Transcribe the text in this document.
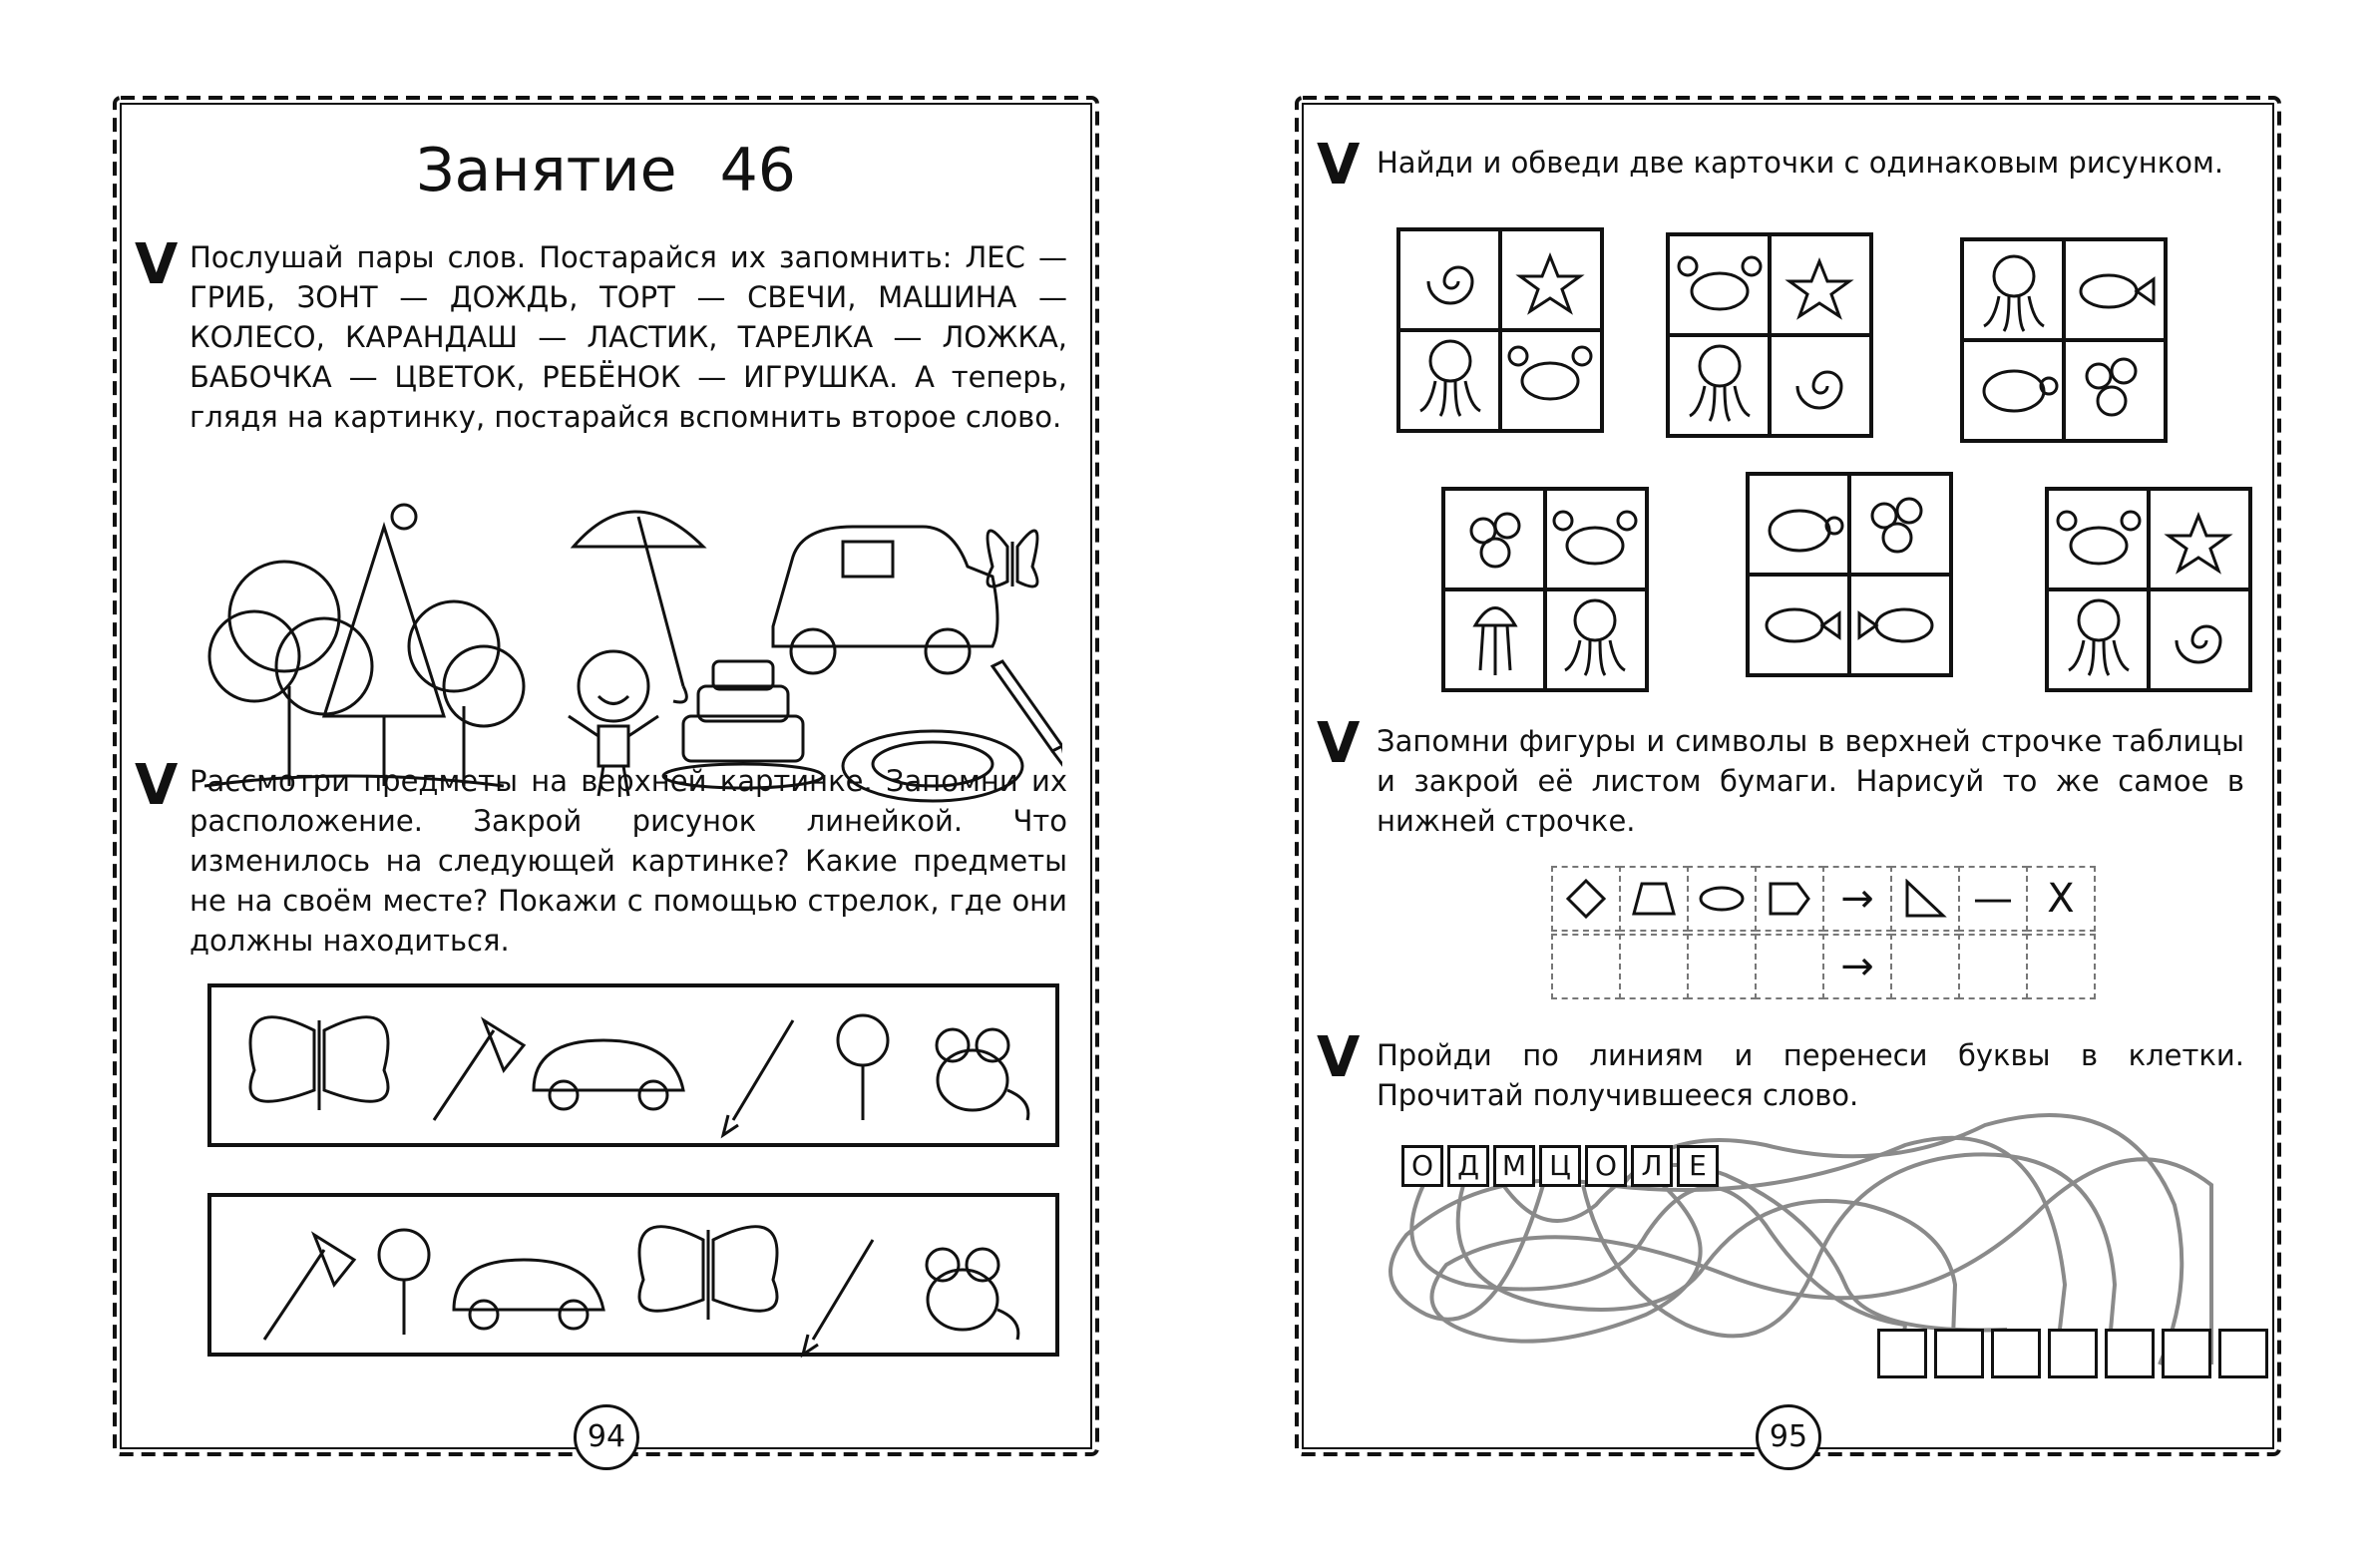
Занятие 46
V Послушай пары слов. Постарайся их запомнить: ЛЕС — ГРИБ, ЗОНТ — ДОЖДЬ, ТОРТ — СВЕЧИ, МАШИНА — КОЛЕСО, КАРАНДАШ — ЛАСТИК, ТАРЕЛКА — ЛОЖКА, БАБОЧКА — ЦВЕТОК, РЕБЁНОК — ИГРУШКА. А теперь, глядя на картинку, постарайся вспомнить второе слово.
V Рассмотри предметы на верхней картинке. Запомни их расположение. Закрой рисунок линейкой. Что изменилось на следующей картинке? Какие предметы не на своём месте? Покажи с помощью стрелок, где они должны находиться.
94
V Найди и обведи две карточки с одинаковым рисунком.
V Запомни фигуры и символы в верхней строчке таблицы и закрой её листом бумаги. Нарисуй то же самое в нижней строчке.
→	— X
→
V Пройди по линиям и перенеси буквы в клетки. Прочитай получившееся слово.
О Д М Ц О Л Е
95
